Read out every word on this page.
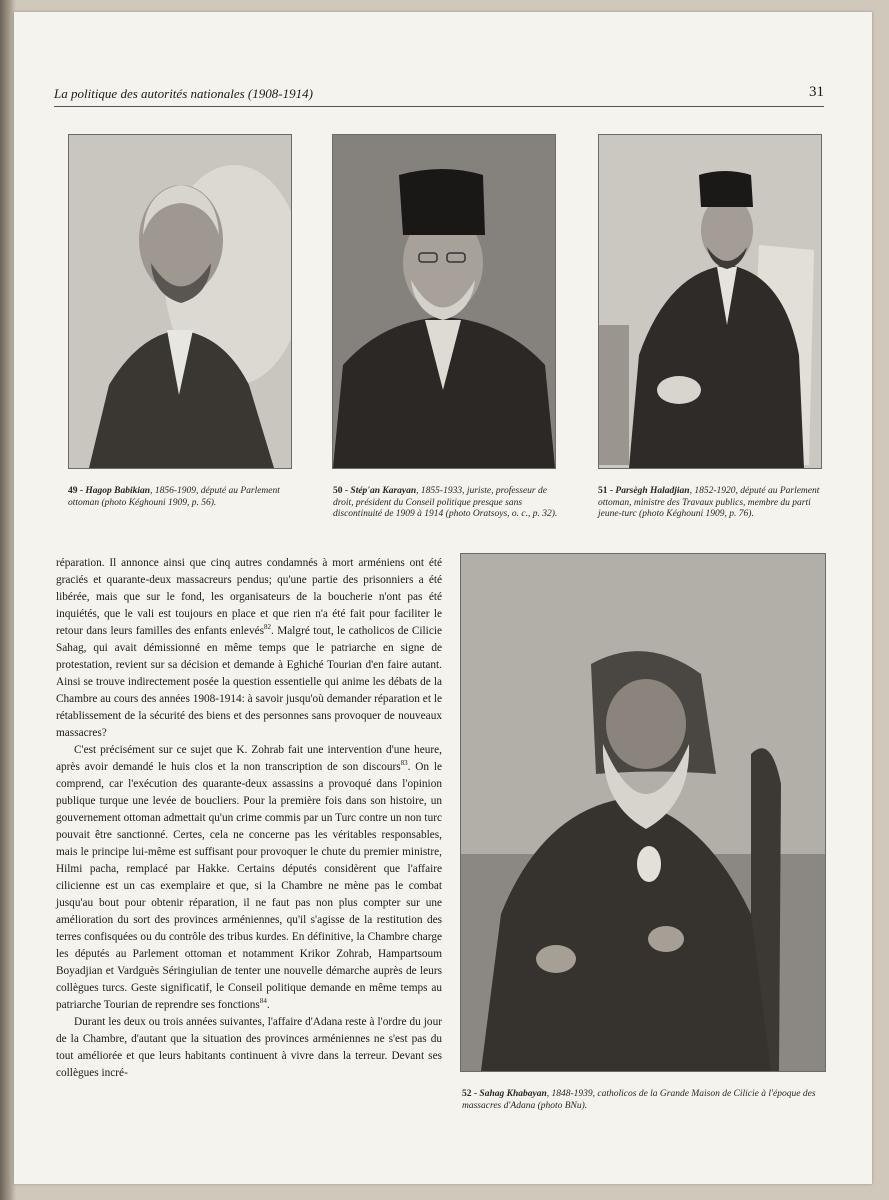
La politique des autorités nationales (1908-1914)	31
49 - Hagop Babikian, 1856-1909, député au Parlement ottoman (photo Kéghouni 1909, p. 56).
50 - Stép'an Karayan, 1855-1933, juriste, professeur de droit, président du Conseil politique presque sans discontinuité de 1909 à 1914 (photo Oratsoys, o. c., p. 32).
51 - Parsègh Haladjian, 1852-1920, député au Parlement ottoman, ministre des Travaux publics, membre du parti jeune-turc (photo Kéghouni 1909, p. 76).
52 - Sahag Khabayan, 1848-1939, catholicos de la Grande Maison de Cilicie à l'époque des massacres d'Adana (photo BNu).

réparation. Il annonce ainsi que cinq autres condamnés à mort arméniens ont été graciés et quarante-deux massacreurs pendus; qu'une partie des prisonniers a été libérée, mais que sur le fond, les organisateurs de la boucherie n'ont pas été inquiétés, que le vali est toujours en place et que rien n'a été fait pour faciliter le retour dans leurs familles des enfants enlevés$^{82}$. Malgré tout, le catholicos de Cilicie Sahag, qui avait démissionné en même temps que le patriarche en signe de protestation, revient sur sa décision et demande à Eghiché Tourian d'en faire autant. Ainsi se trouve indirectement posée la question essentielle qui anime les débats de la Chambre au cours des années 1908-1914: à savoir jusqu'où demander réparation et le rétablissement de la sécurité des biens et des personnes sans provoquer de nouveaux massacres?

C'est précisément sur ce sujet que K. Zohrab fait une intervention d'une heure, après avoir demandé le huis clos et la non transcription de son discours$^{83}$. On le comprend, car l'exécution des quarante-deux assassins a provoqué dans l'opinion publique turque une levée de boucliers. Pour la première fois dans son histoire, un gouvernement ottoman admettait qu'un crime commis par un Turc contre un non turc pouvait être sanctionné. Certes, cela ne concerne pas les véritables responsables, mais le principe lui-même est suffisant pour provoquer le chute du premier ministre, Hilmi pacha, remplacé par Hakke. Certains députés considèrent que l'affaire cilicienne est un cas exemplaire et que, si la Chambre ne mène pas le combat jusqu'au bout pour obtenir réparation, il ne faut pas non plus compter sur une amélioration du sort des provinces arméniennes, qu'il s'agisse de la restitution des terres confisquées ou du contrôle des tribus kurdes. En définitive, la Chambre charge les députés au Parlement ottoman et notamment Krikor Zohrab, Hampartsoum Boyadjian et Vardguès Séringiulian de tenter une nouvelle démarche auprès de leurs collègues turcs. Geste significatif, le Conseil politique demande en même temps au patriarche Tourian de reprendre ses fonctions$^{84}$.

Durant les deux ou trois années suivantes, l'affaire d'Adana reste à l'ordre du jour de la Chambre, d'autant que la situation des provinces arméniennes ne s'est pas du tout améliorée et que leurs habitants continuent à vivre dans la terreur. Devant ses collègues incré-
